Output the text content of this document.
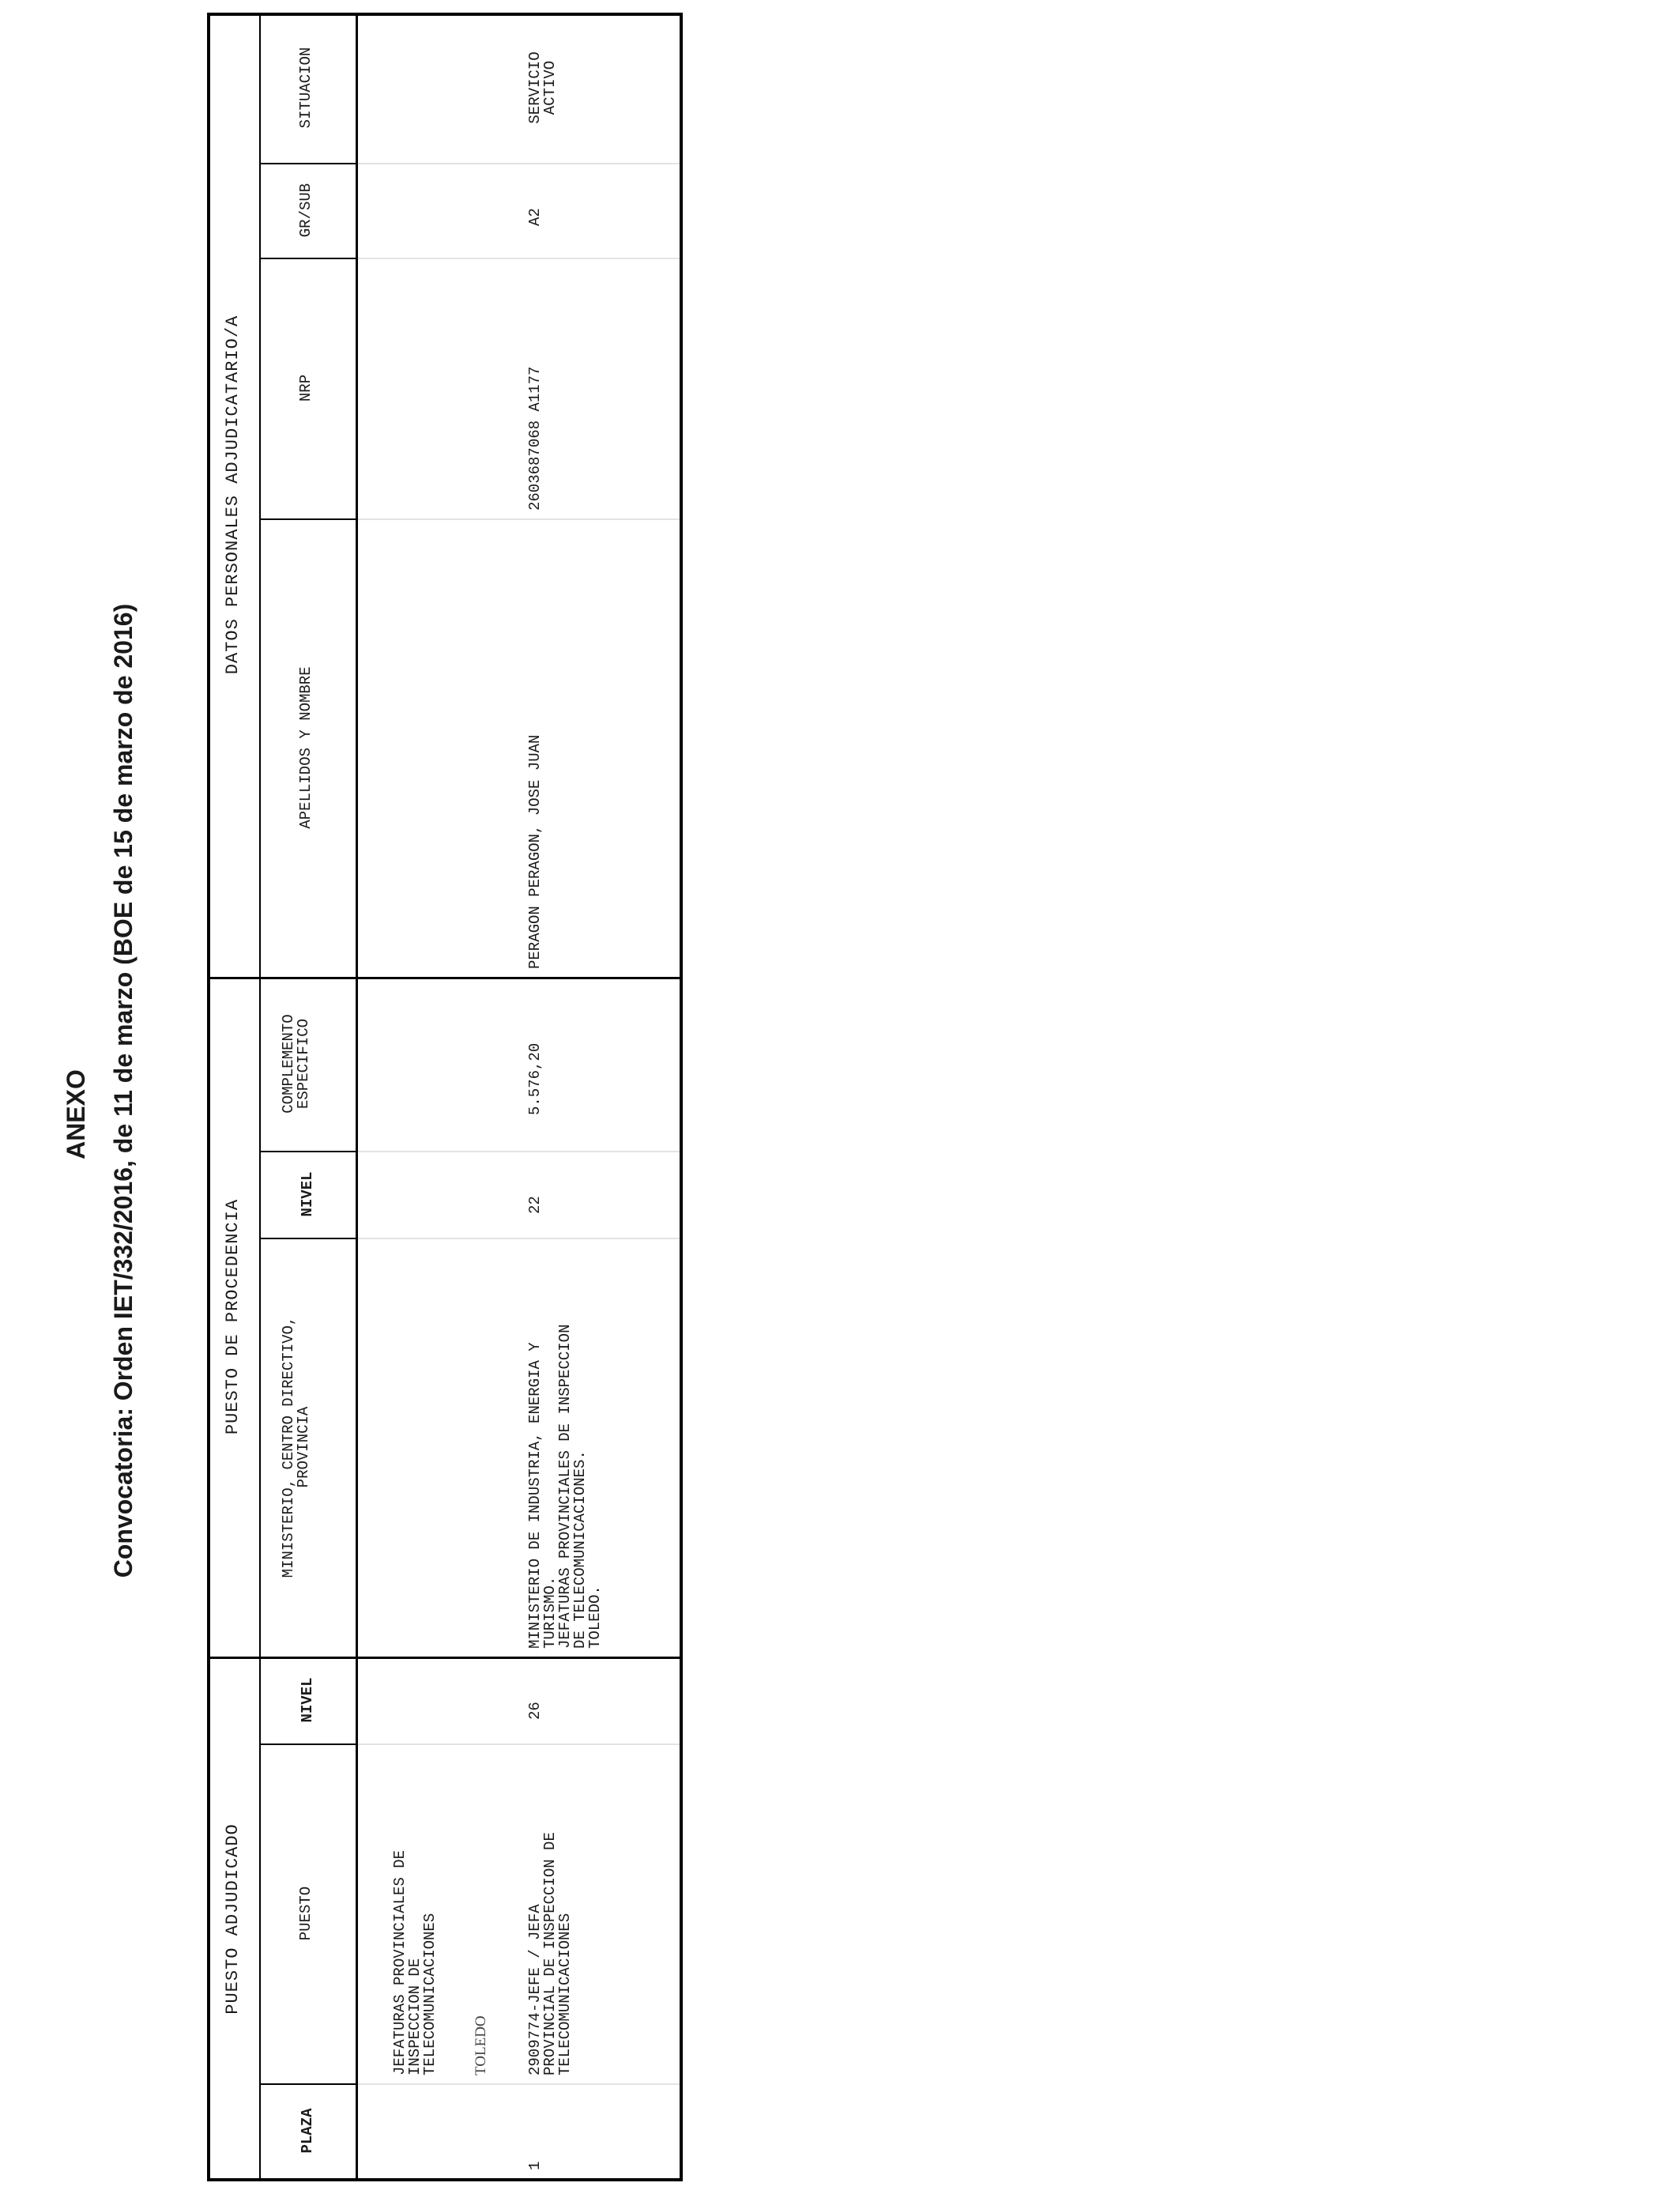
ANEXO Convocatoria: Orden IET/332/2016, de 11 de marzo (BOE de 15 de marzo de 2016)
PUESTO ADJUDICADO
PUESTO DE PROCEDENCIA
DATOS PERSONALES ADJUDICATARIO/A
PLAZA
PUESTO
NIVEL
MINISTERIO, CENTRO DIRECTIVO,
PROVINCIA
NIVEL
COMPLEMENTO
ESPECIFICO
APELLIDOS Y NOMBRE
NRP
GR/SUB
SITUACION
JEFATURAS PROVINCIALES DE
INSPECCION DE
TELECOMUNICACIONES TOLEDO
1
2909774-JEFE / JEFA
PROVINCIAL DE INSPECCION DE
TELECOMUNICACIONES
26
MINISTERIO DE INDUSTRIA, ENERGIA Y
TURISMO.
JEFATURAS PROVINCIALES DE INSPECCION
DE TELECOMUNICACIONES.
TOLEDO.
22
5.576,20
PERAGON PERAGON, JOSE JUAN
2603687068 A1177
A2
SERVICIO
ACTIVO
